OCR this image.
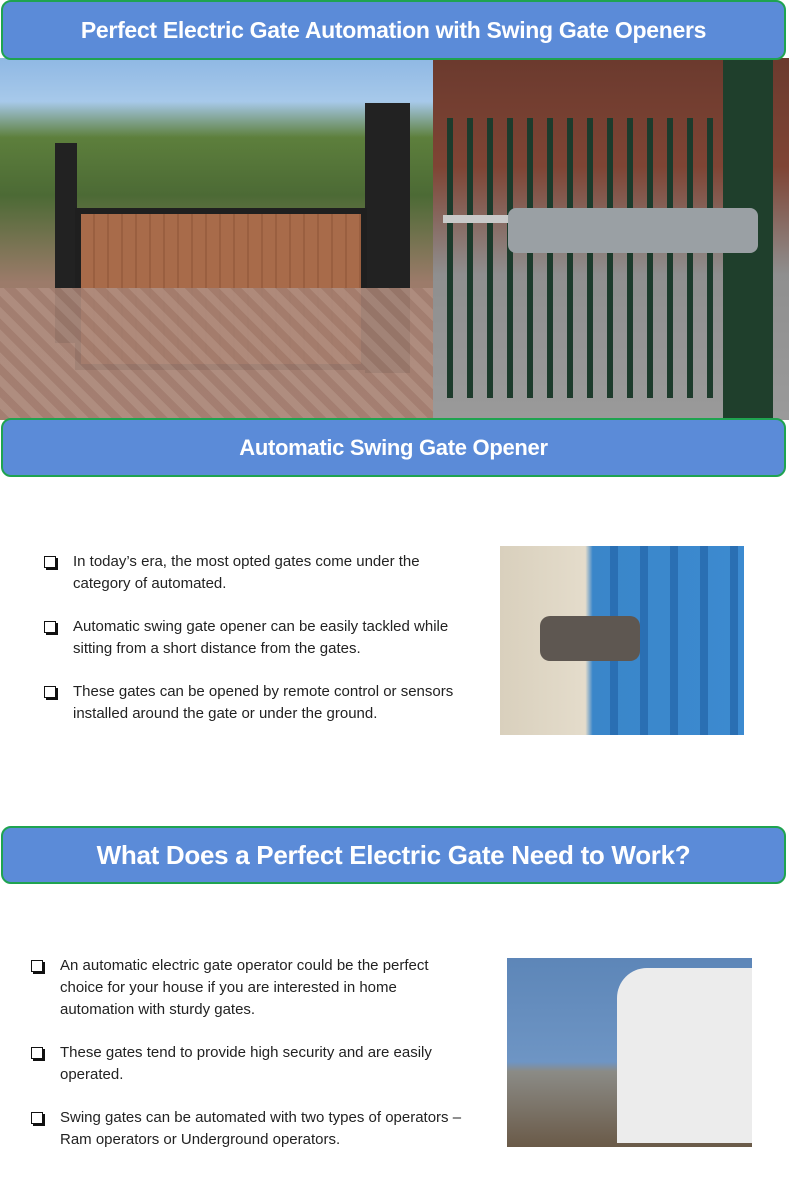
Perfect Electric Gate Automation with Swing Gate Openers
Automatic Swing Gate Opener
In today’s era, the most opted gates come under the category of automated.
Automatic swing gate opener can be easily tackled while sitting from a short distance from the gates.
These gates can be opened by remote control or sensors installed around the gate or under the ground.
What Does a Perfect Electric Gate Need to Work?
An automatic electric gate operator could be the perfect choice for your house if you are interested in home automation with sturdy gates.
These gates tend to provide high security and are easily operated.
Swing gates can be automated with two types of operators – Ram operators or Underground operators.
